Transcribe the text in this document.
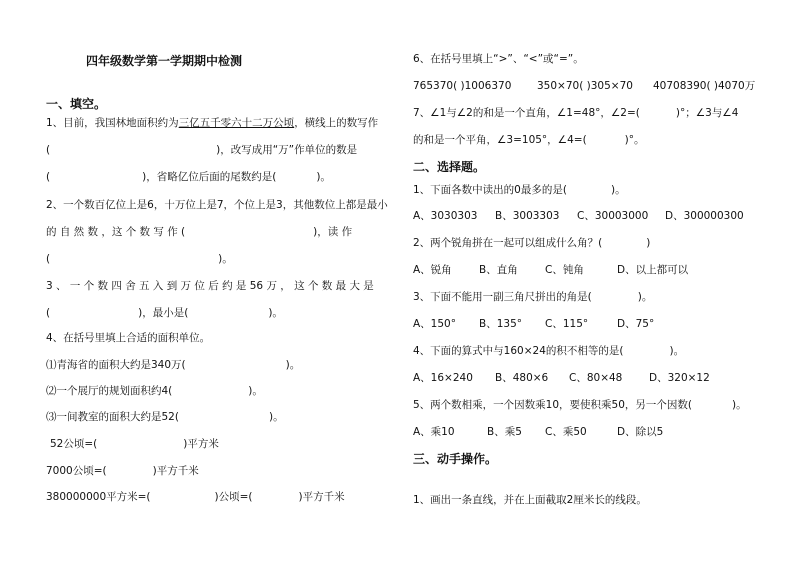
四年级数学第一学期期中检测
一、填空。
1、目前，我国林地面积约为三亿五千零六十二万公顷，横线上的数写作
(	)，改写成用“万”作单位的数是
(	)，省略亿位后面的尾数约是(	)。
2、一个数百亿位上是6，十万位上是7，个位上是3，其他数位上都是最小
的 自 然 数 ，这 个 数 写 作 (	)，读 作
(	)。
3 、 一 个 数 四 舍 五 入 到 万 位 后 约 是 56 万 ， 这 个 数 最 大 是
(	)，最小是(	)。
4、在括号里填上合适的面积单位。
⑴青海省的面积大约是340万(	)。
⑵一个展厅的规划面积约4(	)。
⑶一间教室的面积大约是52(	)。
52公顷=(	)平方米
7000公顷=(	)平方千米
380000000平方米=(	)公顷=(	)平方千米
6、在括号里填上“>”、“<”或“=”。
765370( )1006370 350×70( )305×70 40708390( )4070万
7、∠1与∠2的和是一个直角，∠1=48°，∠2=(	)°；∠3与∠4
的和是一个平角，∠3=105°，∠4=(	)°。
二、选择题。
1、下面各数中读出的0最多的是(	)。
A、3030303 B、3003303 C、30003000 D、300000300
2、两个锐角拼在一起可以组成什么角？(	)
A、锐角	B、直角	C、钝角	D、以上都可以
3、下面不能用一副三角尺拼出的角是(	)。
A、150° B、135° C、115°	D、75°
4、下面的算式中与160×24的积不相等的是(	)。
A、16×240 B、480×6 C、80×48	D、320×12
5、两个数相乘，一个因数乘10，要使积乘50，另一个因数(	)。
A、乘10	B、乘5 C、乘50	D、除以5
三、动手操作。
1、画出一条直线，并在上面截取2厘米长的线段。
